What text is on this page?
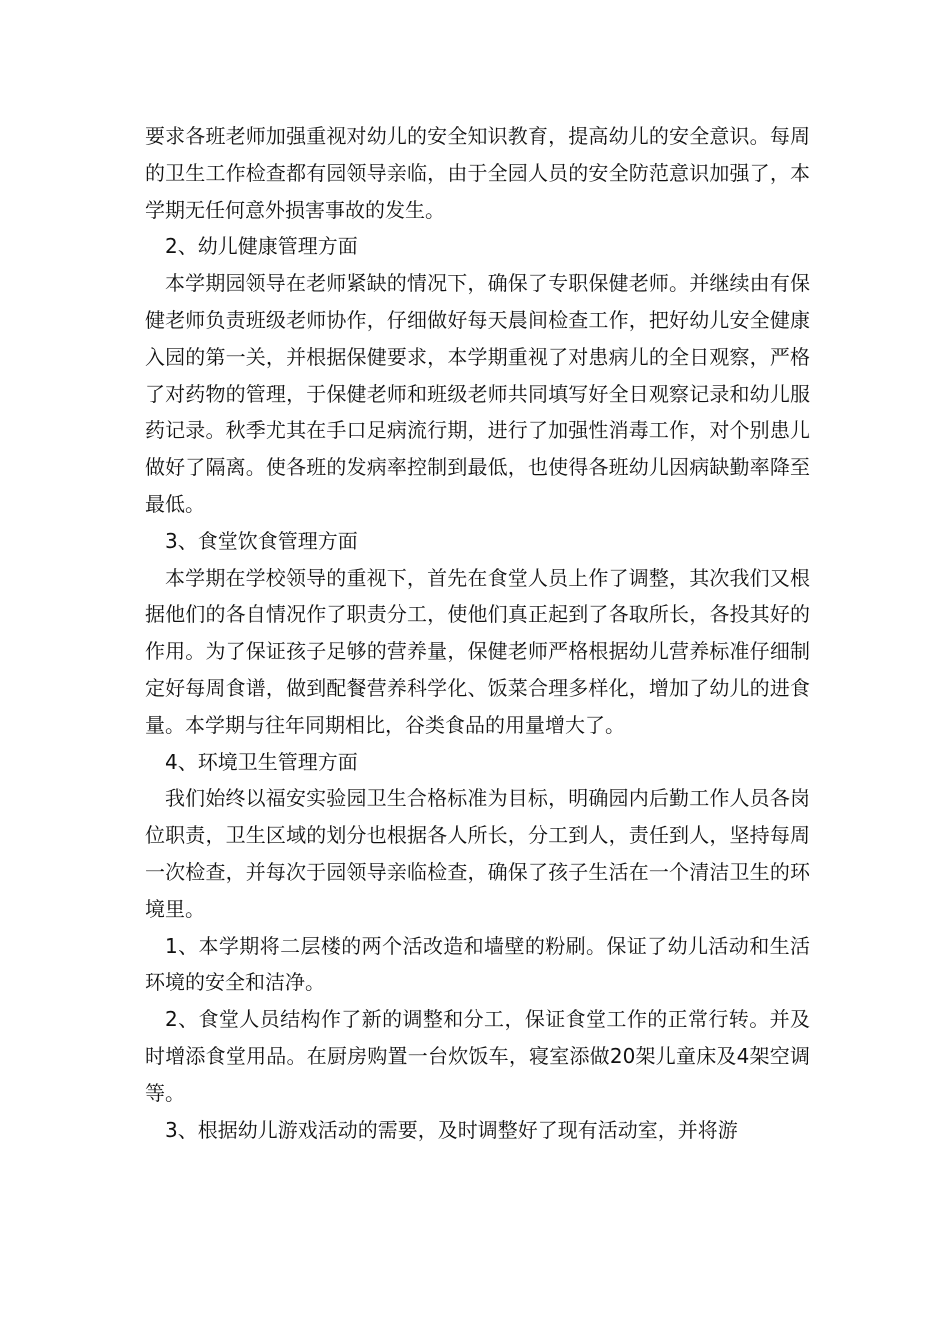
要求各班老师加强重视对幼儿的安全知识教育，提高幼儿的安全意识。每周的卫生工作检查都有园领导亲临，由于全园人员的安全防范意识加强了，本学期无任何意外损害事故的发生。

2、幼儿健康管理方面

本学期园领导在老师紧缺的情况下，确保了专职保健老师。并继续由有保健老师负责班级老师协作，仔细做好每天晨间检查工作，把好幼儿安全健康入园的第一关，并根据保健要求，本学期重视了对患病儿的全日观察，严格了对药物的管理，于保健老师和班级老师共同填写好全日观察记录和幼儿服药记录。秋季尤其在手口足病流行期，进行了加强性消毒工作，对个别患儿做好了隔离。使各班的发病率控制到最低，也使得各班幼儿因病缺勤率降至最低。

3、食堂饮食管理方面

本学期在学校领导的重视下，首先在食堂人员上作了调整，其次我们又根据他们的各自情况作了职责分工，使他们真正起到了各取所长，各投其好的作用。为了保证孩子足够的营养量，保健老师严格根据幼儿营养标准仔细制定好每周食谱，做到配餐营养科学化、饭菜合理多样化，增加了幼儿的进食量。本学期与往年同期相比，谷类食品的用量增大了。

4、环境卫生管理方面

我们始终以福安实验园卫生合格标准为目标，明确园内后勤工作人员各岗位职责，卫生区域的划分也根据各人所长，分工到人，责任到人，坚持每周一次检查，并每次于园领导亲临检查，确保了孩子生活在一个清洁卫生的环境里。

1、本学期将二层楼的两个活改造和墙壁的粉刷。保证了幼儿活动和生活环境的安全和洁净。

2、食堂人员结构作了新的调整和分工，保证食堂工作的正常行转。并及时增添食堂用品。在厨房购置一台炊饭车，寝室添做20架儿童床及4架空调等。

3、根据幼儿游戏活动的需要，及时调整好了现有活动室，并将游
